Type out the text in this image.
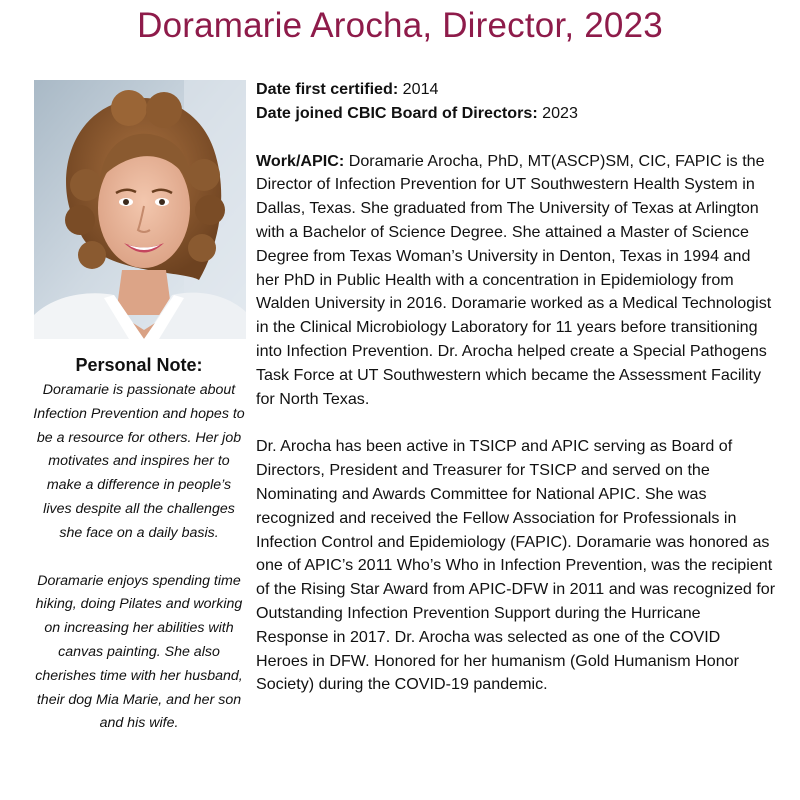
Doramarie Arocha, Director, 2023
Personal Note:

Doramarie is passionate about Infection Prevention and hopes to be a resource for others. Her job motivates and inspires her to make a difference in people’s lives despite all the challenges she face on a daily basis.

Doramarie enjoys spending time hiking, doing Pilates and working on increasing her abilities with canvas painting. She also cherishes time with her husband, their dog Mia Marie, and her son and his wife.

Date first certified: 2014

Date joined CBIC Board of Directors: 2023

Work/APIC: Doramarie Arocha, PhD, MT(ASCP)SM, CIC, FAPIC is the Director of Infection Prevention for UT Southwestern Health System in Dallas, Texas. She graduated from The University of Texas at Arlington with a Bachelor of Science Degree. She attained a Master of Science Degree from Texas Woman’s University in Denton, Texas in 1994 and her PhD in Public Health with a concentration in Epidemiology from Walden University in 2016. Doramarie worked as a Medical Technologist in the Clinical Microbiology Laboratory for 11 years before transitioning into Infection Prevention. Dr. Arocha helped create a Special Pathogens Task Force at UT Southwestern which became the Assessment Facility for North Texas.

Dr. Arocha has been active in TSICP and APIC serving as Board of Directors, President and Treasurer for TSICP and served on the Nominating and Awards Committee for National APIC. She was recognized and received the Fellow Association for Professionals in Infection Control and Epidemiology (FAPIC). Doramarie was honored as one of APIC’s 2011 Who’s Who in Infection Prevention, was the recipient of the Rising Star Award from APIC-DFW in 2011 and was recognized for Outstanding Infection Prevention Support during the Hurricane Response in 2017. Dr. Arocha was selected as one of the COVID Heroes in DFW. Honored for her humanism (Gold Humanism Honor Society) during the COVID-19 pandemic.
